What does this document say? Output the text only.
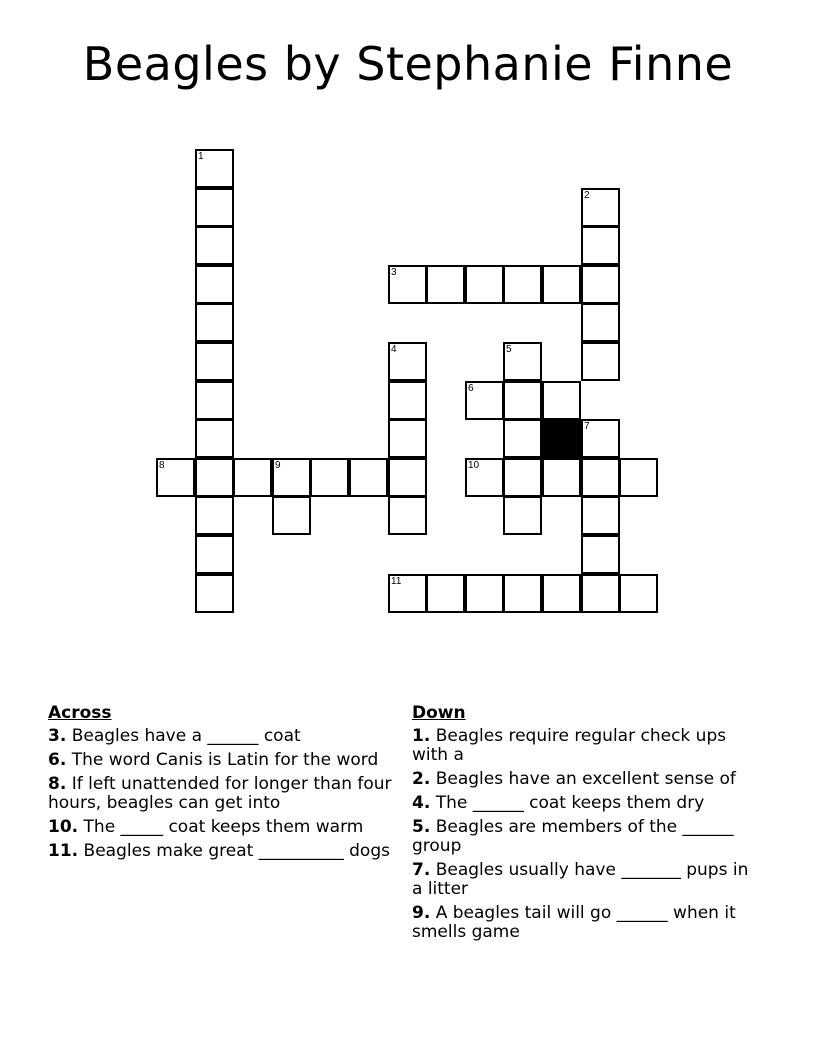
Beagles by Stephanie Finne
1
2
3
4	5
6
7
8	9	10
11
Across
3. Beagles have a ______ coat
6. The word Canis is Latin for the word
8. If left unattended for longer than four hours, beagles can get into
10. The _____ coat keeps them warm
11. Beagles make great __________ dogs
Down
1. Beagles require regular check ups with a
2. Beagles have an excellent sense of
4. The ______ coat keeps them dry
5. Beagles are members of the ______ group
7. Beagles usually have _______ pups in a litter
9. A beagles tail will go ______ when it smells game
